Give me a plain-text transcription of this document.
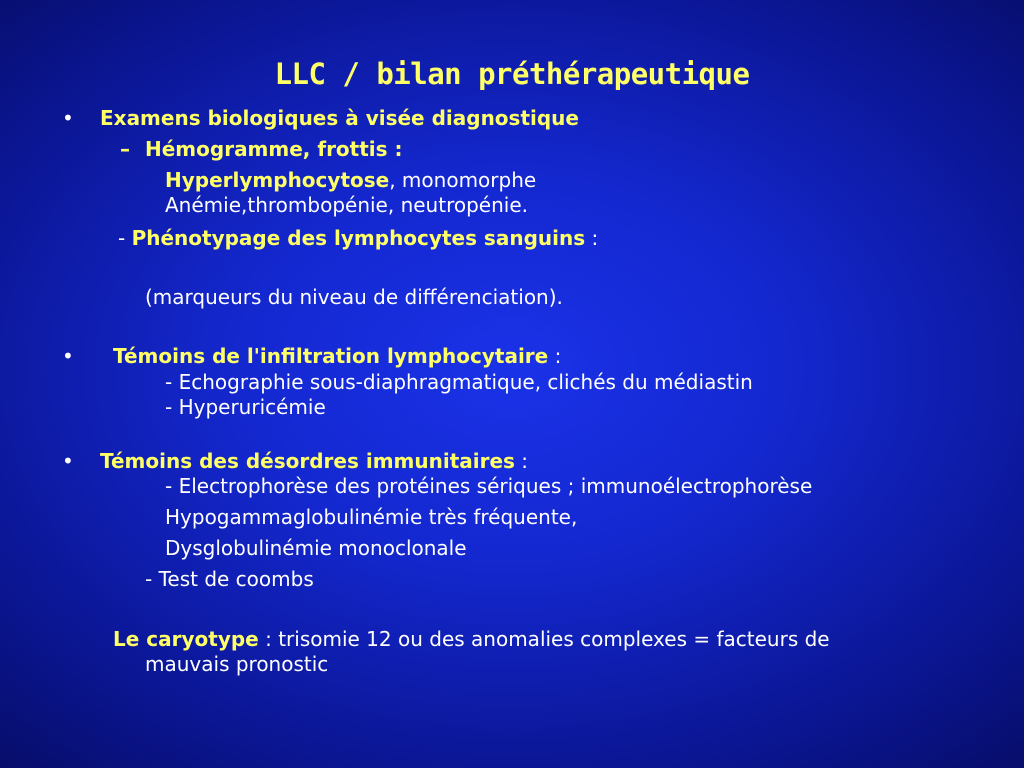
LLC / bilan préthérapeutique
• Examens biologiques à visée diagnostique
– Hémogramme, frottis :
Hyperlymphocytose, monomorphe
Anémie,thrombopénie, neutropénie.
- Phénotypage des lymphocytes sanguins :
(marqueurs du niveau de différenciation).
• Témoins de l'infiltration lymphocytaire :
- Echographie sous-diaphragmatique, clichés du médiastin
- Hyperuricémie
• Témoins des désordres immunitaires :
- Electrophorèse des protéines sériques ; immunoélectrophorèse
Hypogammaglobulinémie très fréquente,
Dysglobulinémie monoclonale
- Test de coombs
Le caryotype : trisomie 12 ou des anomalies complexes = facteurs de
mauvais pronostic
